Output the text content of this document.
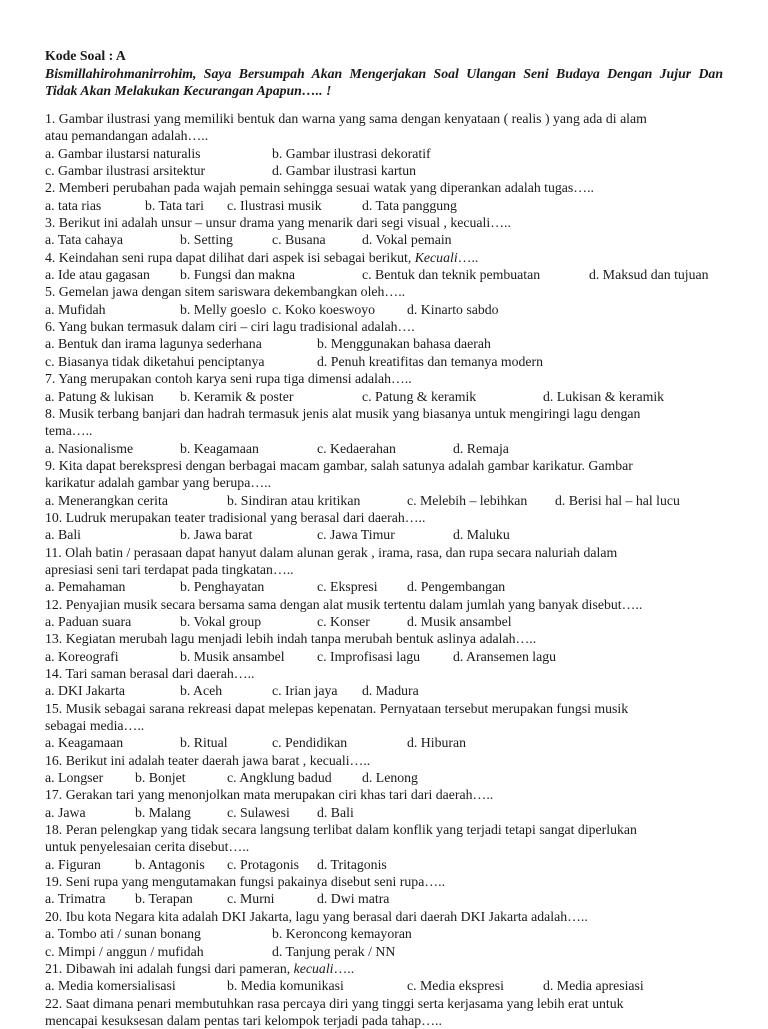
Kode Soal : A
Bismillahirohmanirrohim, Saya Bersumpah Akan Mengerjakan Soal Ulangan Seni Budaya Dengan Jujur Dan
Tidak Akan Melakukan Kecurangan Apapun….. !
1. Gambar ilustrasi yang memiliki bentuk dan warna yang sama dengan kenyataan ( realis ) yang ada di alam
atau pemandangan adalah…..
a. Gambar ilustarsi naturalis	b. Gambar ilustrasi dekoratif
c. Gambar ilustrasi arsitektur	d. Gambar ilustrasi kartun
2. Memberi perubahan pada wajah pemain sehingga sesuai watak yang diperankan adalah tugas…..
a. tata rias	b. Tata tari c. Ilustrasi musik	d. Tata panggung
3. Berikut ini adalah unsur – unsur drama yang menarik dari segi visual , kecuali…..
a. Tata cahaya	b. Setting	c. Busana	d. Vokal pemain
4. Keindahan seni rupa dapat dilihat dari aspek isi sebagai berikut, Kecuali…..
a. Ide atau gagasan b. Fungsi dan makna	c. Bentuk dan teknik pembuatan	d. Maksud dan tujuan
5. Gemelan jawa dengan sitem sariswara dekembangkan oleh…..
a. Mufidah	b. Melly goeslo c. Koko koeswoyo d. Kinarto sabdo
6. Yang bukan termasuk dalam ciri – ciri lagu tradisional adalah….
a. Bentuk dan irama lagunya sederhana	b. Menggunakan bahasa daerah
c. Biasanya tidak diketahui penciptanya	d. Penuh kreatifitas dan temanya modern
7. Yang merupakan contoh karya seni rupa tiga dimensi adalah…..
a. Patung & lukisan b. Keramik & poster	c. Patung & keramik	d. Lukisan & keramik
8. Musik terbang banjari dan hadrah termasuk jenis alat musik yang biasanya untuk mengiringi lagu dengan
tema…..
a. Nasionalisme	b. Keagamaan	c. Kedaerahan	d. Remaja
9. Kita dapat berekspresi dengan berbagai macam gambar, salah satunya adalah gambar karikatur. Gambar
karikatur adalah gambar yang berupa…..
a. Menerangkan cerita	b. Sindiran atau kritikan	c. Melebih – lebihkan d. Berisi hal – hal lucu
10. Ludruk merupakan teater tradisional yang berasal dari daerah…..
a. Bali	b. Jawa barat	c. Jawa Timur	d. Maluku
11. Olah batin / perasaan dapat hanyut dalam alunan gerak , irama, rasa, dan rupa secara naluriah dalam
apresiasi seni tari terdapat pada tingkatan…..
a. Pemahaman	b. Penghayatan	c. Ekspresi d. Pengembangan
12. Penyajian musik secara bersama sama dengan alat musik tertentu dalam jumlah yang banyak disebut…..
a. Paduan suara	b. Vokal group	c. Konser	d. Musik ansambel
13. Kegiatan merubah lagu menjadi lebih indah tanpa merubah bentuk aslinya adalah…..
a. Koreografi	b. Musik ansambel c. Improfisasi lagu d. Aransemen lagu
14. Tari saman berasal dari daerah…..
a. DKI Jakarta	b. Aceh	c. Irian jaya d. Madura
15. Musik sebagai sarana rekreasi dapat melepas kepenatan. Pernyataan tersebut merupakan fungsi musik
sebagai media…..
a. Keagamaan	b. Ritual	c. Pendidikan	d. Hiburan
16. Berikut ini adalah teater daerah jawa barat , kecuali…..
a. Longser b. Bonjet	c. Angklung badud d. Lenong
17. Gerakan tari yang menonjolkan mata merupakan ciri khas tari dari daerah…..
a. Jawa	b. Malang	c. Sulawesi d. Bali
18. Peran pelengkap yang tidak secara langsung terlibat dalam konflik yang terjadi tetapi sangat diperlukan
untuk penyelesaian cerita disebut…..
a. Figuran b. Antagonis c. Protagonis d. Tritagonis
19. Seni rupa yang mengutamakan fungsi pakainya disebut seni rupa…..
a. Trimatra b. Terapan c. Murni	d. Dwi matra
20. Ibu kota Negara kita adalah DKI Jakarta, lagu yang berasal dari daerah DKI Jakarta adalah…..
a. Tombo ati / sunan bonang	b. Keroncong kemayoran
c. Mimpi / anggun / mufidah	d. Tanjung perak / NN
21. Dibawah ini adalah fungsi dari pameran, kecuali…..
a. Media komersialisasi	b. Media komunikasi	c. Media ekspresi	d. Media apresiasi
22. Saat dimana penari membutuhkan rasa percaya diri yang tinggi serta kerjasama yang lebih erat untuk
mencapai kesuksesan dalam pentas tari kelompok terjadi pada tahap…..
